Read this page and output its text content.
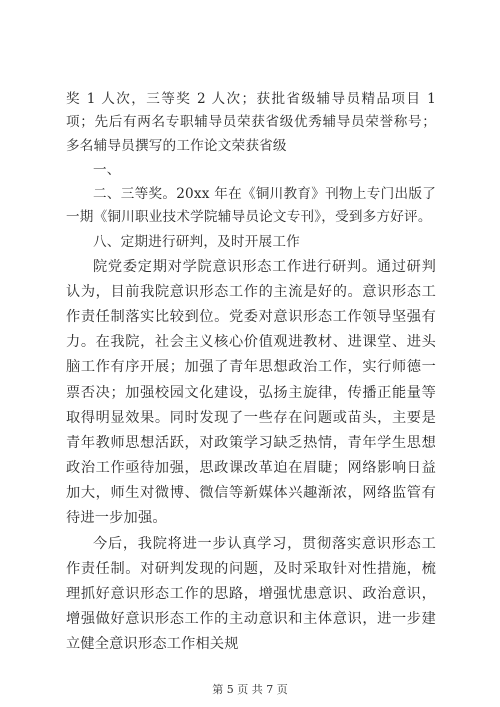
奖 1 人次，三等奖 2 人次；获批省级辅导员精品项目 1 项；先后有两名专职辅导员荣获省级优秀辅导员荣誉称号；多名辅导员撰写的工作论文荣获省级

一、

二、三等奖。20xx 年在《铜川教育》刊物上专门出版了一期《铜川职业技术学院辅导员论文专刊》，受到多方好评。

八、定期进行研判，及时开展工作

院党委定期对学院意识形态工作进行研判。通过研判认为，目前我院意识形态工作的主流是好的。意识形态工作责任制落实比较到位。党委对意识形态工作领导坚强有力。在我院，社会主义核心价值观进教材、进课堂、进头脑工作有序开展；加强了青年思想政治工作，实行师德一票否决；加强校园文化建设，弘扬主旋律，传播正能量等取得明显效果。同时发现了一些存在问题或苗头，主要是青年教师思想活跃，对政策学习缺乏热情，青年学生思想政治工作亟待加强，思政课改革迫在眉睫；网络影响日益加大，师生对微博、微信等新媒体兴趣渐浓，网络监管有待进一步加强。

今后，我院将进一步认真学习，贯彻落实意识形态工作责任制。对研判发现的问题，及时采取针对性措施，梳理抓好意识形态工作的思路，增强忧患意识、政治意识，增强做好意识形态工作的主动意识和主体意识，进一步建立健全意识形态工作相关规

第 5 页 共 7 页
